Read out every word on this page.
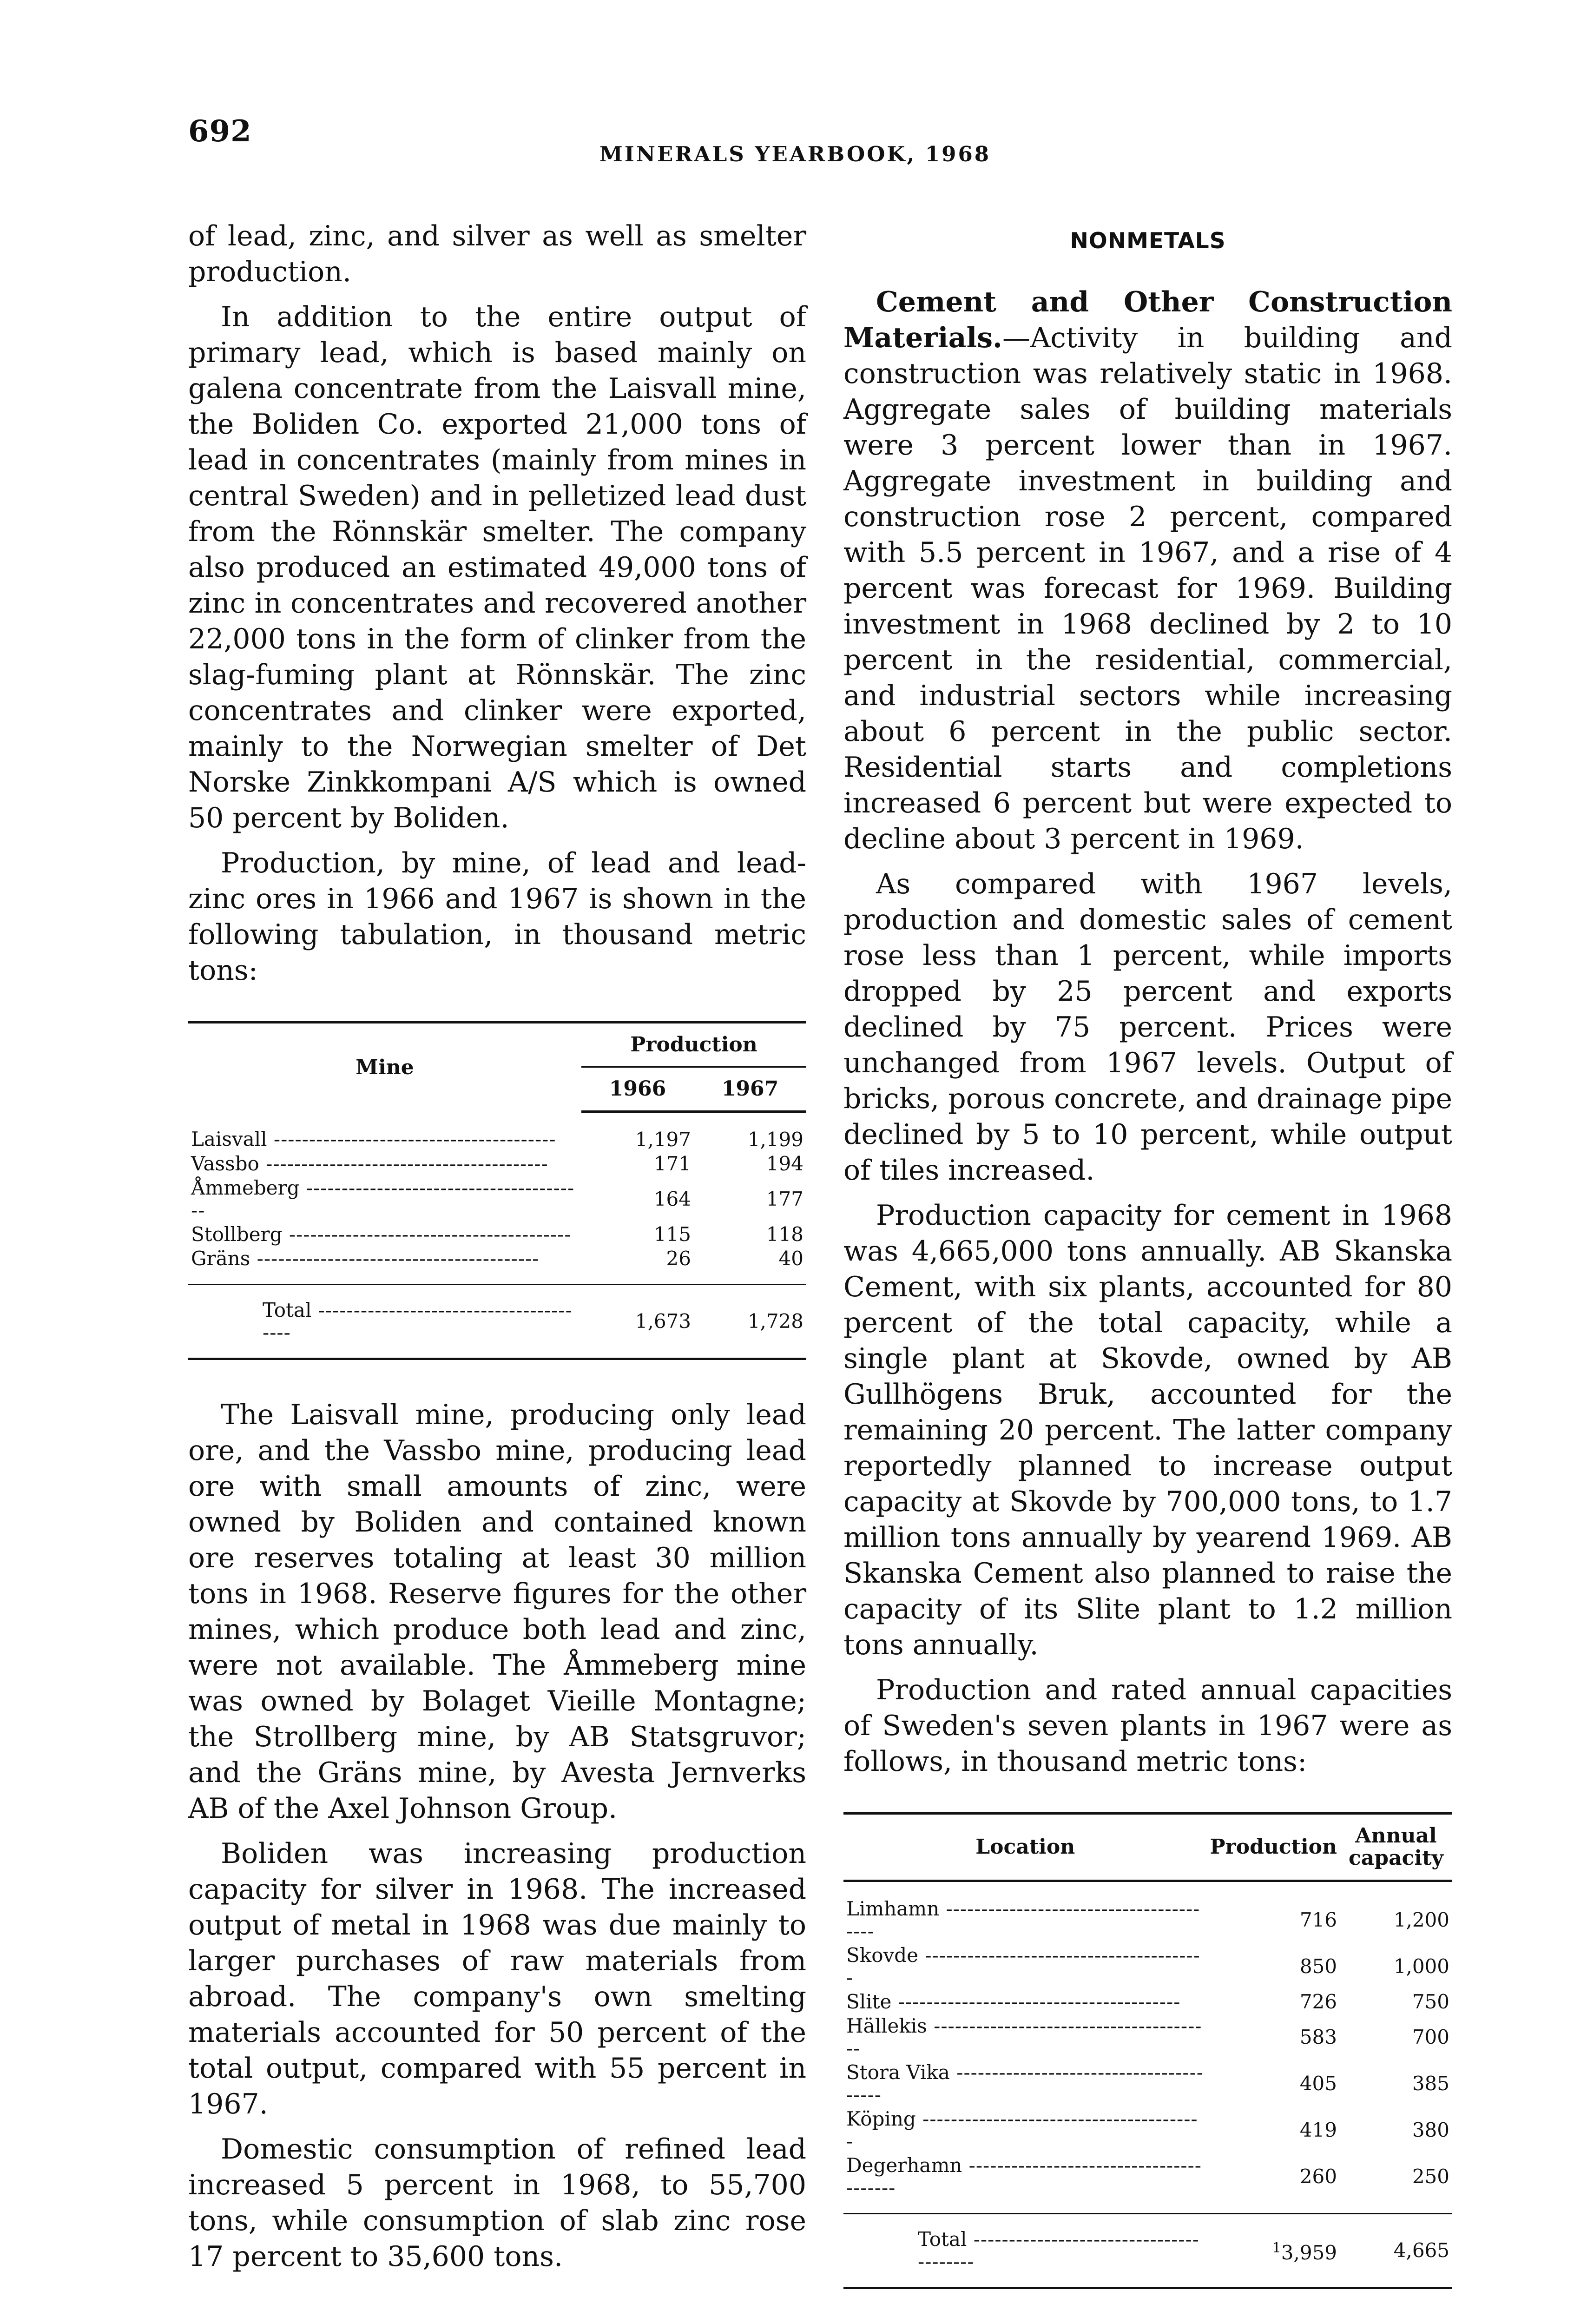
692
MINERALS YEARBOOK, 1968

of lead, zinc, and silver as well as smelter production.

In addition to the entire output of primary lead, which is based mainly on galena concentrate from the Laisvall mine, the Boliden Co. exported 21,000 tons of lead in concentrates (mainly from mines in central Sweden) and in pelletized lead dust from the Rönnskär smelter. The company also produced an estimated 49,000 tons of zinc in concentrates and recovered another 22,000 tons in the form of clinker from the slag-fuming plant at Rönnskär. The zinc concentrates and clinker were exported, mainly to the Norwegian smelter of Det Norske Zinkkompani A/S which is owned 50 percent by Boliden.

Production, by mine, of lead and lead-zinc ores in 1966 and 1967 is shown in the following tabulation, in thousand metric tons:

Mine	Production	
	1966	1967
Laisvall -----	1,197	1,199
Vassbo -----	171	194
Åmmeberg -----	164	177
Stollberg -----	115	118
Gräns -----	26	40
Total -----	1,673	1,728

The Laisvall mine, producing only lead ore, and the Vassbo mine, producing lead ore with small amounts of zinc, were owned by Boliden and contained known ore reserves totaling at least 30 million tons in 1968. Reserve figures for the other mines, which produce both lead and zinc, were not available. The Åmmeberg mine was owned by Bolaget Vieille Montagne; the Strollberg mine, by AB Statsgruvor; and the Gräns mine, by Avesta Jernverks AB of the Axel Johnson Group.

Boliden was increasing production capacity for silver in 1968. The increased output of metal in 1968 was due mainly to larger purchases of raw materials from abroad. The company's own smelting materials accounted for 50 percent of the total output, compared with 55 percent in 1967.

Domestic consumption of refined lead increased 5 percent in 1968, to 55,700 tons, while consumption of slab zinc rose 17 percent to 35,600 tons.

NONMETALS

Cement and Other Construction Materials.—Activity in building and construction was relatively static in 1968. Aggregate sales of building materials were 3 percent lower than in 1967. Aggregate investment in building and construction rose 2 percent, compared with 5.5 percent in 1967, and a rise of 4 percent was forecast for 1969. Building investment in 1968 declined by 2 to 10 percent in the residential, commercial, and industrial sectors while increasing about 6 percent in the public sector. Residential starts and completions increased 6 percent but were expected to decline about 3 percent in 1969.

As compared with 1967 levels, production and domestic sales of cement rose less than 1 percent, while imports dropped by 25 percent and exports declined by 75 percent. Prices were unchanged from 1967 levels. Output of bricks, porous concrete, and drainage pipe declined by 5 to 10 percent, while output of tiles increased.

Production capacity for cement in 1968 was 4,665,000 tons annually. AB Skanska Cement, with six plants, accounted for 80 percent of the total capacity, while a single plant at Skovde, owned by AB Gullhögens Bruk, accounted for the remaining 20 percent. The latter company reportedly planned to increase output capacity at Skovde by 700,000 tons, to 1.7 million tons annually by yearend 1969. AB Skanska Cement also planned to raise the capacity of its Slite plant to 1.2 million tons annually.

Production and rated annual capacities of Sweden's seven plants in 1967 were as follows, in thousand metric tons:

Location	Production	Annual capacity
Limhamn -----	716	1,200
Skovde -----	850	1,000
Slite -----	726	750
Hällekis -----	583	700
Stora Vika -----	405	385
Köping -----	419	380
Degerhamn -----	260	250
Total -----	$^1$3,959	4,665
